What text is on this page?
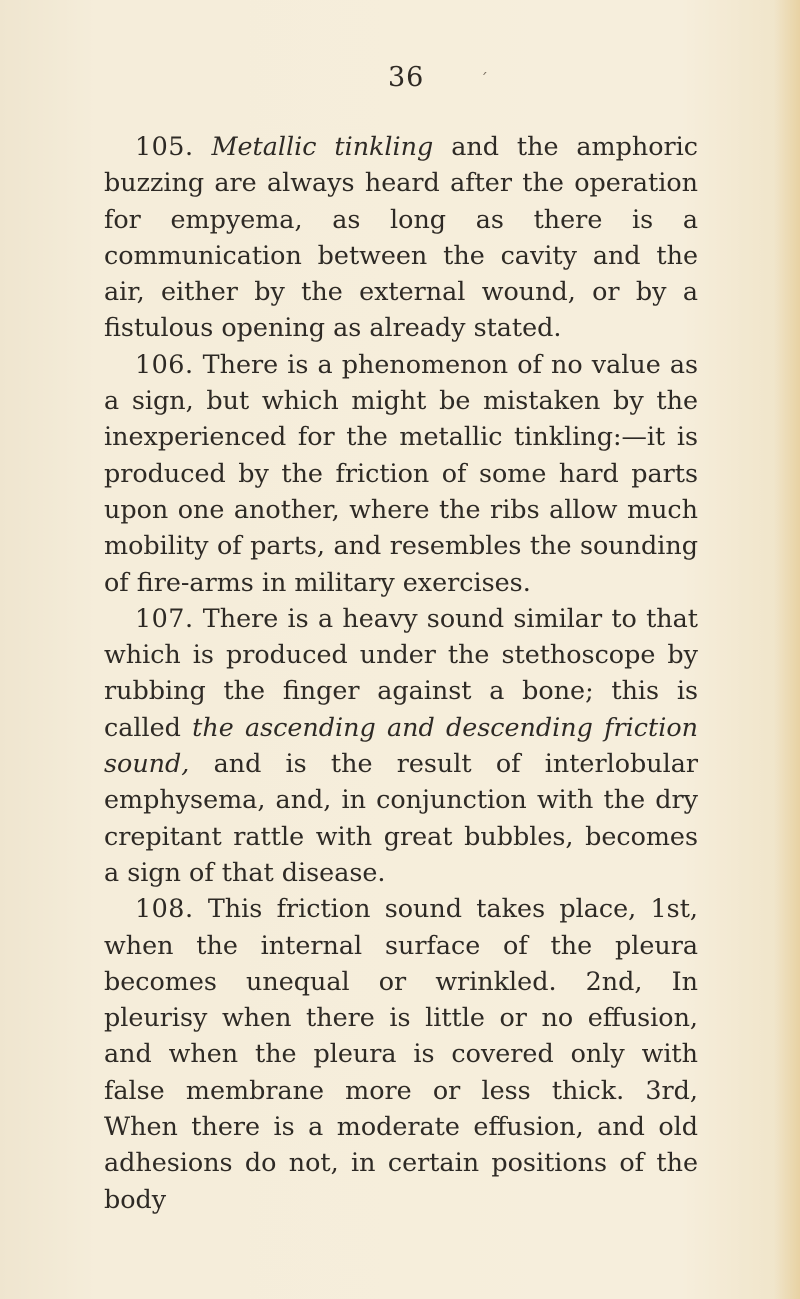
36	´

105. Metallic tinkling and the amphoric buzzing are always heard after the operation for empyema, as long as there is a communication between the cavity and the air, either by the external wound, or by a fistulous opening as already stated.

106. There is a phenomenon of no value as a sign, but which might be mistaken by the inexperienced for the metallic tinkling:—it is produced by the friction of some hard parts upon one another, where the ribs allow much mobility of parts, and resembles the sounding of fire-arms in military exercises.

107. There is a heavy sound similar to that which is produced under the stethoscope by rubbing the finger against a bone; this is called the ascending and descending friction sound, and is the result of interlobular emphysema, and, in conjunction with the dry crepitant rattle with great bubbles, becomes a sign of that disease.

108. This friction sound takes place, 1st, when the internal surface of the pleura becomes unequal or wrinkled. 2nd, In pleurisy when there is little or no effusion, and when the pleura is covered only with false membrane more or less thick. 3rd, When there is a moderate effusion, and old adhesions do not, in certain positions of the body
